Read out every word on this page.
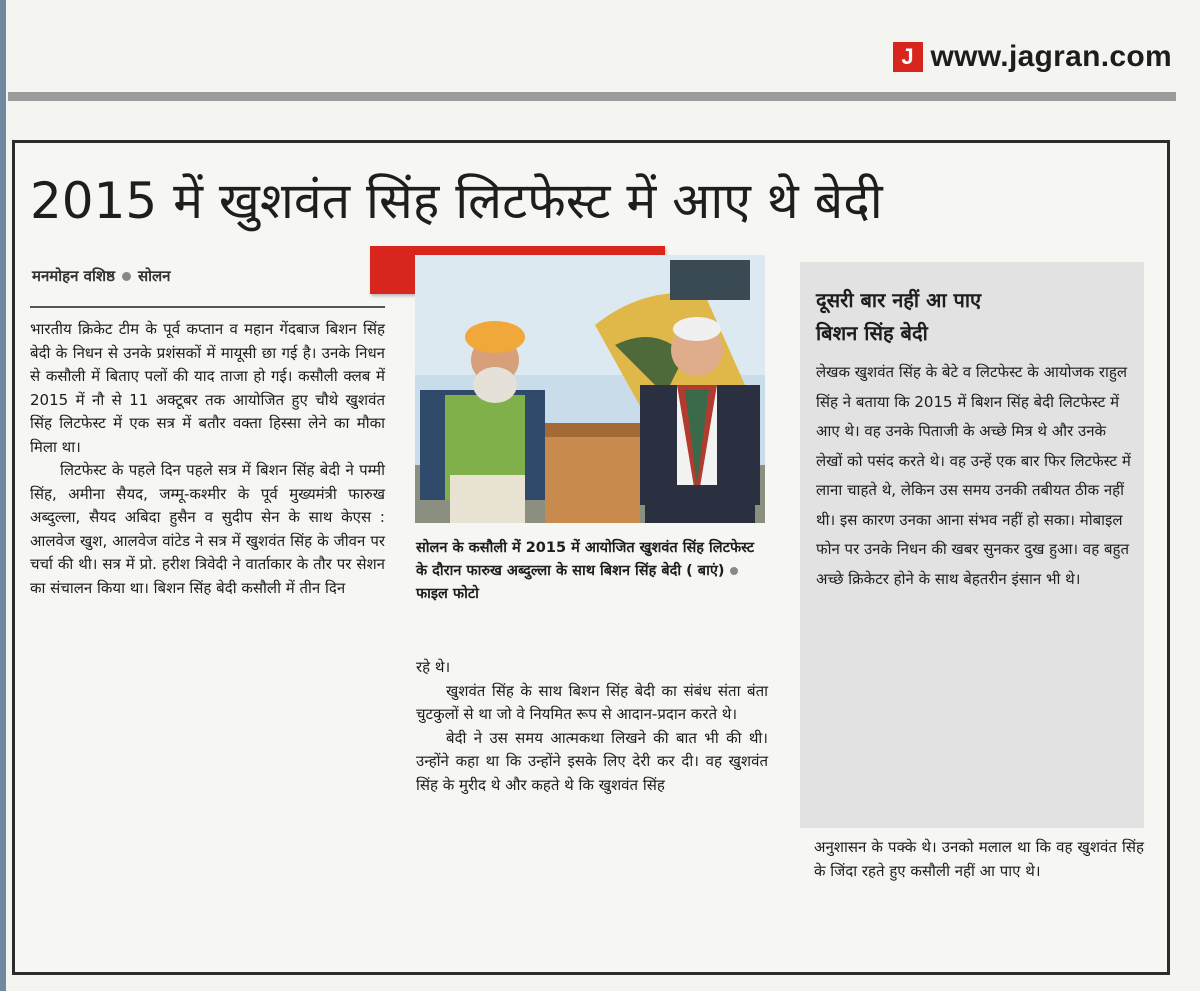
J www.jagran.com
2015 में खुशवंत सिंह लिटफेस्ट में आए थे बेदी
मनमोहन वशिष्ठ सोलन

भारतीय क्रिकेट टीम के पूर्व कप्तान व महान गेंदबाज बिशन सिंह बेदी के निधन से उनके प्रशंसकों में मायूसी छा गई है। उनके निधन से कसौली में बिताए पलों की याद ताजा हो गई। कसौली क्लब में 2015 में नौ से 11 अक्टूबर तक आयोजित हुए चौथे खुशवंत सिंह लिटफेस्ट में एक सत्र में बतौर वक्ता हिस्सा लेने का मौका मिला था।

लिटफेस्ट के पहले दिन पहले सत्र में बिशन सिंह बेदी ने पम्मी सिंह, अमीना सैयद, जम्मू-कश्मीर के पूर्व मुख्यमंत्री फारुख अब्दुल्ला, सैयद अबिदा हुसैन व सुदीप सेन के साथ केएस : आलवेज खुश, आलवेज वांटेड ने सत्र में खुशवंत सिंह के जीवन पर चर्चा की थी। सत्र में प्रो. हरीश त्रिवेदी ने वार्ताकार के तौर पर सेशन का संचालन किया था। बिशन सिंह बेदी कसौली में तीन दिन

सोलन के कसौली में 2015 में आयोजित खुशवंत सिंह लिटफेस्ट के दौरान फारुख अब्दुल्ला के साथ बिशन सिंह बेदी ( बाएं)  फाइल फोटो

रहे थे।

खुशवंत सिंह के साथ बिशन सिंह बेदी का संबंध संता बंता चुटकुलों से था जो वे नियमित रूप से आदान-प्रदान करते थे।

बेदी ने उस समय आत्मकथा लिखने की बात भी की थी। उन्होंने कहा था कि उन्होंने इसके लिए देरी कर दी। वह खुशवंत सिंह के मुरीद थे और कहते थे कि खुशवंत सिंह

दूसरी बार नहीं आ पाए
बिशन सिंह बेदी
लेखक खुशवंत सिंह के बेटे व लिटफेस्ट के आयोजक राहुल सिंह ने बताया कि 2015 में बिशन सिंह बेदी लिटफेस्ट में आए थे। वह उनके पिताजी के अच्छे मित्र थे और उनके लेखों को पसंद करते थे। वह उन्हें एक बार फिर लिटफेस्ट में लाना चाहते थे, लेकिन उस समय उनकी तबीयत ठीक नहीं थी। इस कारण उनका आना संभव नहीं हो सका। मोबाइल फोन पर उनके निधन की खबर सुनकर दुख हुआ। वह बहुत अच्छे क्रिकेटर होने के साथ बेहतरीन इंसान भी थे।

अनुशासन के पक्के थे। उनको मलाल था कि वह खुशवंत सिंह के जिंदा रहते हुए कसौली नहीं आ पाए थे।
